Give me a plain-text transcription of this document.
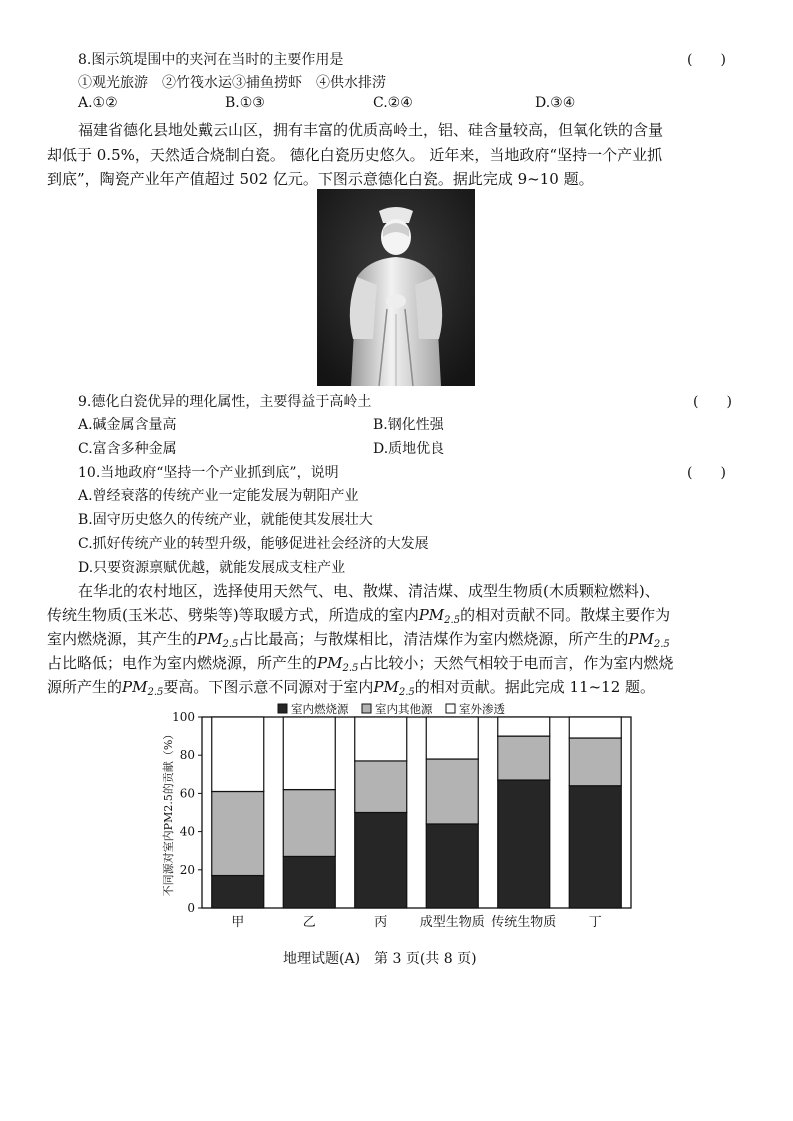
8.图示筑堤围中的夹河在当时的主要作用是	(　　)
①观光旅游　②竹筏水运③捕鱼捞虾　④供水排涝
A.①②	B.①③	C.②④	D.③④
福建省德化县地处戴云山区，拥有丰富的优质高岭土，铝、硅含量较高，但氧化铁的含量
却低于 0.5%，天然适合烧制白瓷。 德化白瓷历史悠久。 近年来，当地政府“坚持一个产业抓
到底”，陶瓷产业年产值超过 502 亿元。下图示意德化白瓷。据此完成 9~10 题。
9.德化白瓷优异的理化属性，主要得益于高岭土	(　　)
A.碱金属含量高	B.钢化性强
C.富含多种金属	D.质地优良
10.当地政府“坚持一个产业抓到底”，说明	(　　)
A.曾经衰落的传统产业一定能发展为朝阳产业
B.固守历史悠久的传统产业，就能使其发展壮大
C.抓好传统产业的转型升级，能够促进社会经济的大发展
D.只要资源禀赋优越，就能发展成支柱产业
在华北的农村地区，选择使用天然气、电、散煤、清洁煤、成型生物质(木质颗粒燃料)、
传统生物质(玉米芯、劈柴等)等取暖方式，所造成的室内$PM_{2.5}$的相对贡献不同。散煤主要作为
室内燃烧源，其产生的$PM_{2.5}$占比最高；与散煤相比，清洁煤作为室内燃烧源，所产生的$PM_{2.5}$
占比略低；电作为室内燃烧源，所产生的$PM_{2.5}$占比较小；天然气相较于电而言，作为室内燃烧
源所产生的$PM_{2.5}$要高。下图示意不同源对于室内$PM_{2.5}$的相对贡献。据此完成 11~12 题。
0
20
40
60
80
100
不同源对室内PM2.5的贡献（%）
甲	乙	丙 成型生物质 传统生物质 丁
室内燃烧源 室内其他源 室外渗透
地理试题(A)　第 3 页(共 8 页)
